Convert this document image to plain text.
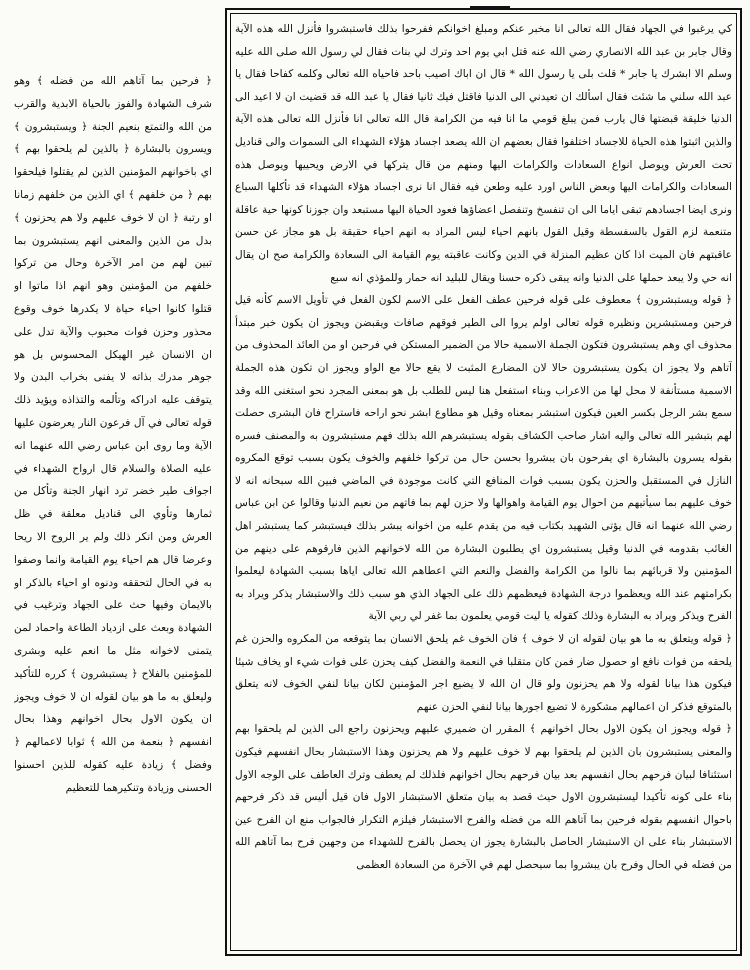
كي يرغبوا في الجهاد فقال الله تعالى انا مخبر عنكم ومبلغ اخوانكم ففرحوا بذلك فاستبشروا فأنزل الله هذه الآية وقال جابر بن عبد الله الانصاري رضي الله عنه قتل ابي يوم احد وترك لي بنات فقال لي رسول الله صلى الله عليه وسلم الا ابشرك يا جابر * قلت بلى يا رسول الله * قال ان اباك اصيب باحد فاحياه الله تعالى وكلمه كفاحا فقال يا عبد الله سلني ما شئت فقال اسألك ان تعيدني الى الدنيا فاقتل فيك ثانيا فقال يا عبد الله قد قضيت ان لا اعيد الى الدنيا خليقة قبضتها قال يارب فمن يبلغ قومي ما انا فيه من الكرامة قال الله تعالى انا فأنزل الله تعالى هذه الآية والذين اثبتوا هذه الحياة للاجساد اختلفوا فقال بعضهم ان الله يصعد اجساد هؤلاء الشهداء الى السموات والى قناديل تحت العرش ويوصل انواع السعادات والكرامات اليها ومنهم من قال يتركها في الارض ويحييها ويوصل هذه السعادات والكرامات اليها وبعض الناس اورد عليه وطعن فيه فقال انا نرى اجساد هؤلاء الشهداء قد تأكلها السباع ونرى ايضا اجسادهم تبقى اياما الى ان تنفسخ وتنفصل اعضاؤها فعود الحياة اليها مستبعد وان جوزنا كونها حية عاقلة متنعمة لزم القول بالسفسطة وقيل القول بانهم احياء ليس المراد به انهم احياء حقيقة بل هو مجاز عن حسن عاقبتهم فان الميت اذا كان عظيم المنزلة في الدين وكانت عاقبته يوم القيامة الى السعادة والكرامة صح ان يقال انه حي ولا يبعد حملها على الدنيا وانه يبقى ذكره حسنا ويقال للبليد انه حمار وللمؤذي انه سبع

﴿ قوله ويستبشرون ﴾ معطوف على قوله فرحين عطف الفعل على الاسم لكون الفعل في تأويل الاسم كأنه قيل فرحين ومستبشرين ونظيره قوله تعالى اولم يروا الى الطير فوقهم صافات ويقبضن ويجوز ان يكون خبر مبتدأ محذوف اي وهم يستبشرون فتكون الجملة الاسمية حالا من الضمير المستكن في فرحين او من العائد المحذوف من آتاهم ولا يجوز ان يكون يستبشرون حالا لان المضارع المثبت لا يقع حالا مع الواو ويجوز ان تكون هذه الجملة الاسمية مستأنفة لا محل لها من الاعراب وبناء استفعل هنا ليس للطلب بل هو بمعنى المجرد نحو استغنى الله وقد سمع بشر الرجل بكسر العين فيكون استبشر بمعناه وقيل هو مطاوع ابشر نحو اراحه فاستراح فان البشرى حصلت لهم بتبشير الله تعالى واليه اشار صاحب الكشاف بقوله يستبشرهم الله بذلك فهم مستبشرون به والمصنف فسره بقوله يسرون بالبشارة اي يفرحون بان يبشروا بحسن حال من تركوا خلفهم والخوف يكون بسبب توقع المكروه النازل في المستقبل والحزن يكون بسبب فوات المنافع التي كانت موجودة في الماضي فبين الله سبحانه انه لا خوف عليهم بما سيأتيهم من احوال يوم القيامة واهوالها ولا حزن لهم بما فاتهم من نعيم الدنيا وقالوا عن ابن عباس رضي الله عنهما انه قال يؤتى الشهيد بكتاب فيه من يقدم عليه من اخوانه يبشر بذلك فيستبشر كما يستبشر اهل الغائب بقدومه في الدنيا وقيل يستبشرون اي يطلبون البشارة من الله لاخوانهم الذين فارقوهم على دينهم من المؤمنين ولا قربائهم بما نالوا من الكرامة والفضل والنعم التي اعطاهم الله تعالى اياها بسبب الشهادة ليعلموا بكرامتهم عند الله ويعظموا درجة الشهادة فيعظمهم ذلك على الجهاد الذي هو سبب ذلك والاستبشار يذكر ويراد به الفرح ويذكر ويراد به البشارة وذلك كقوله يا ليت قومي يعلمون بما غفر لي ربي الآية

﴿ قوله ويتعلق به ما هو بيان لقوله ان لا خوف ﴾ فان الخوف غم يلحق الانسان بما يتوقعه من المكروه والحزن غم يلحقه من فوات نافع او حصول ضار فمن كان متقلبا في النعمة والفضل كيف يحزن على فوات شيء او يخاف شيئا فيكون هذا بيانا لقوله ولا هم يحزنون ولو قال ان الله لا يضيع اجر المؤمنين لكان بيانا لنفي الخوف لانه يتعلق بالمتوقع فذكر ان اعمالهم مشكورة لا تضيع اجورها بيانا لنفي الحزن عنهم

﴿ قوله ويجوز ان يكون الاول بحال اخوانهم ﴾ المقرر ان ضميري عليهم ويحزنون راجع الى الذين لم يلحقوا بهم والمعنى يستبشرون بان الذين لم يلحقوا بهم لا خوف عليهم ولا هم يحزنون وهذا الاستبشار بحال انفسهم فيكون استئنافا لبيان فرحهم بحال انفسهم بعد بيان فرحهم بحال اخوانهم فلذلك لم يعطف وترك العاطف على الوجه الاول بناء على كونه تأكيدا ليستبشرون الاول حيث قصد به بيان متعلق الاستبشار الاول فان قيل أليس قد ذكر فرحهم باحوال انفسهم بقوله فرحين بما آتاهم الله من فضله والفرح الاستبشار فيلزم التكرار فالجواب منع ان الفرح عين الاستبشار بناء على ان الاستبشار الحاصل بالبشارة يجوز ان يحصل بالفرح للشهداء من وجهين فرح بما آتاهم الله من فضله في الحال وفرح بان يبشروا بما سيحصل لهم في الآخرة من السعادة العظمى

﴿ فرحين بما آتاهم الله من فضله ﴾ وهو شرف الشهادة والفوز بالحياة الابدية والقرب من الله والتمتع بنعيم الجنة ﴿ ويستبشرون ﴾ ويسرون بالبشارة ﴿ بالذين لم يلحقوا بهم ﴾ اي باخوانهم المؤمنين الذين لم يقتلوا فيلحقوا بهم ﴿ من خلفهم ﴾ اي الذين من خلفهم زمانا او رتبة ﴿ ان لا خوف عليهم ولا هم يحزنون ﴾ بدل من الذين والمعنى انهم يستبشرون بما تبين لهم من امر الآخرة وحال من تركوا خلفهم من المؤمنين وهو انهم اذا ماتوا او قتلوا كانوا احياء حياة لا يكدرها خوف وقوع محذور وحزن فوات محبوب والآية تدل على ان الانسان غير الهيكل المحسوس بل هو جوهر مدرك بذاته لا يفنى بخراب البدن ولا يتوقف عليه ادراكه وتألمه والتذاذه ويؤيد ذلك قوله تعالى في آل فرعون النار يعرضون عليها الآية وما روى ابن عباس رضي الله عنهما انه عليه الصلاة والسلام قال ارواح الشهداء في اجواف طير خضر ترد انهار الجنة وتأكل من ثمارها وتأوي الى قناديل معلقة في ظل العرش ومن انكر ذلك ولم ير الروح الا ريحا وعرضا قال هم احياء يوم القيامة وانما وصفوا به في الحال لتحققه ودنوه او احياء بالذكر او بالايمان وفيها حث على الجهاد وترغيب في الشهادة وبعث على ازدياد الطاعة واحماد لمن يتمنى لاخوانه مثل ما انعم عليه وبشرى للمؤمنين بالفلاح ﴿ يستبشرون ﴾ كرره للتأكيد وليعلق به ما هو بيان لقوله ان لا خوف ويجوز ان يكون الاول بحال اخوانهم وهذا بحال انفسهم ﴿ بنعمة من الله ﴾ ثوابا لاعمالهم ﴿ وفضل ﴾ زيادة عليه كقوله للذين احسنوا الحسنى وزيادة وتنكيرهما للتعظيم
